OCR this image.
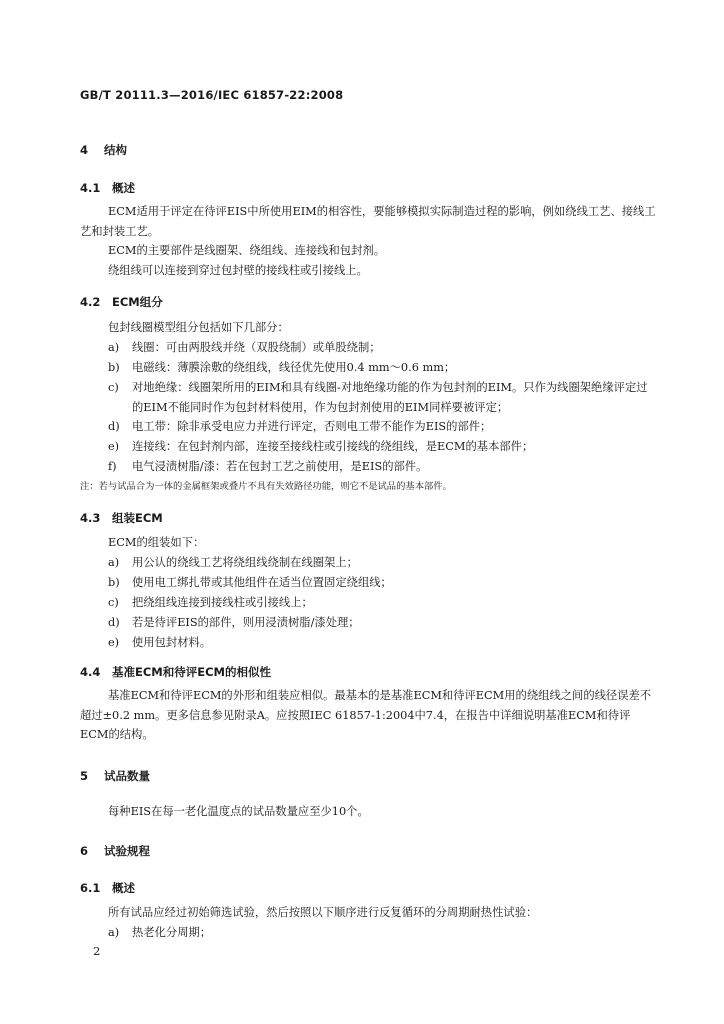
GB/T 20111.3—2016/IEC 61857-22:2008
4 结构
4.1 概述
ECM适用于评定在待评EIS中所使用EIM的相容性，要能够模拟实际制造过程的影响，例如绕线工艺、接线工艺和封装工艺。
ECM的主要部件是线圈架、绕组线、连接线和包封剂。
绕组线可以连接到穿过包封壁的接线柱或引接线上。
4.2 ECM组分
包封线圈模型组分包括如下几部分：
a)	线圈：可由两股线并绕（双股绕制）或单股绕制；
b)	电磁线：薄膜涂敷的绕组线，线径优先使用0.4 mm～0.6 mm；
c)	对地绝缘：线圈架所用的EIM和具有线圈-对地绝缘功能的作为包封剂的EIM。只作为线圈架绝缘评定过的EIM不能同时作为包封材料使用，作为包封剂使用的EIM同样要被评定；
d)	电工带：除非承受电应力并进行评定，否则电工带不能作为EIS的部件；
e)	连接线：在包封剂内部，连接至接线柱或引接线的绕组线，是ECM的基本部件；
f)	电气浸渍树脂/漆：若在包封工艺之前使用，是EIS的部件。
注：若与试品合为一体的金属框架或叠片不具有失效路径功能，则它不是试品的基本部件。
4.3 组装ECM
ECM的组装如下：
a)	用公认的绕线工艺将绕组线绕制在线圈架上；
b)	使用电工绑扎带或其他组件在适当位置固定绕组线；
c)	把绕组线连接到接线柱或引接线上；
d)	若是待评EIS的部件，则用浸渍树脂/漆处理；
e)	使用包封材料。
4.4 基准ECM和待评ECM的相似性
基准ECM和待评ECM的外形和组装应相似。最基本的是基准ECM和待评ECM用的绕组线之间的线径误差不超过±0.2 mm。更多信息参见附录A。应按照IEC 61857-1:2004中7.4，在报告中详细说明基准ECM和待评ECM的结构。
5 试品数量
每种EIS在每一老化温度点的试品数量应至少10个。
6 试验规程
6.1 概述
所有试品应经过初始筛选试验，然后按照以下顺序进行反复循环的分周期耐热性试验：
a)	热老化分周期；
2
